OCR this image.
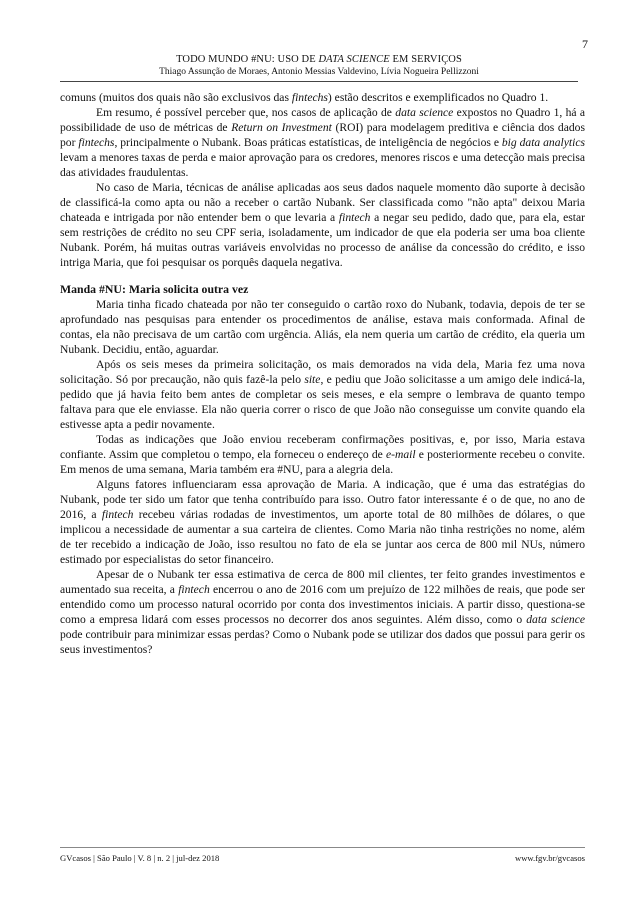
7
TODO MUNDO #NU: USO DE DATA SCIENCE EM SERVIÇOS
Thiago Assunção de Moraes, Antonio Messias Valdevino, Lívia Nogueira Pellizzoni

comuns (muitos dos quais não são exclusivos das fintechs) estão descritos e exemplificados no Quadro 1.

Em resumo, é possível perceber que, nos casos de aplicação de data science expostos no Quadro 1, há a possibilidade de uso de métricas de Return on Investment (ROI) para modelagem preditiva e ciência dos dados por fintechs, principalmente o Nubank. Boas práticas estatísticas, de inteligência de negócios e big data analytics levam a menores taxas de perda e maior aprovação para os credores, menores riscos e uma detecção mais precisa das atividades fraudulentas.

No caso de Maria, técnicas de análise aplicadas aos seus dados naquele momento dão suporte à decisão de classificá-la como apta ou não a receber o cartão Nubank. Ser classificada como "não apta" deixou Maria chateada e intrigada por não entender bem o que levaria a fintech a negar seu pedido, dado que, para ela, estar sem restrições de crédito no seu CPF seria, isoladamente, um indicador de que ela poderia ser uma boa cliente Nubank. Porém, há muitas outras variáveis envolvidas no processo de análise da concessão do crédito, e isso intriga Maria, que foi pesquisar os porquês daquela negativa.

Manda #NU: Maria solicita outra vez

Maria tinha ficado chateada por não ter conseguido o cartão roxo do Nubank, todavia, depois de ter se aprofundado nas pesquisas para entender os procedimentos de análise, estava mais conformada. Afinal de contas, ela não precisava de um cartão com urgência. Aliás, ela nem queria um cartão de crédito, ela queria um Nubank. Decidiu, então, aguardar.

Após os seis meses da primeira solicitação, os mais demorados na vida dela, Maria fez uma nova solicitação. Só por precaução, não quis fazê-la pelo site, e pediu que João solicitasse a um amigo dele indicá-la, pedido que já havia feito bem antes de completar os seis meses, e ela sempre o lembrava de quanto tempo faltava para que ele enviasse. Ela não queria correr o risco de que João não conseguisse um convite quando ela estivesse apta a pedir novamente.

Todas as indicações que João enviou receberam confirmações positivas, e, por isso, Maria estava confiante. Assim que completou o tempo, ela forneceu o endereço de e-mail e posteriormente recebeu o convite. Em menos de uma semana, Maria também era #NU, para a alegria dela.

Alguns fatores influenciaram essa aprovação de Maria. A indicação, que é uma das estratégias do Nubank, pode ter sido um fator que tenha contribuído para isso. Outro fator interessante é o de que, no ano de 2016, a fintech recebeu várias rodadas de investimentos, um aporte total de 80 milhões de dólares, o que implicou a necessidade de aumentar a sua carteira de clientes. Como Maria não tinha restrições no nome, além de ter recebido a indicação de João, isso resultou no fato de ela se juntar aos cerca de 800 mil NUs, número estimado por especialistas do setor financeiro.

Apesar de o Nubank ter essa estimativa de cerca de 800 mil clientes, ter feito grandes investimentos e aumentado sua receita, a fintech encerrou o ano de 2016 com um prejuízo de 122 milhões de reais, que pode ser entendido como um processo natural ocorrido por conta dos investimentos iniciais. A partir disso, questiona-se como a empresa lidará com esses processos no decorrer dos anos seguintes. Além disso, como o data science pode contribuir para minimizar essas perdas? Como o Nubank pode se utilizar dos dados que possui para gerir os seus investimentos?

GVcasos | São Paulo | V. 8 | n. 2 | jul-dez 2018	www.fgv.br/gvcasos
